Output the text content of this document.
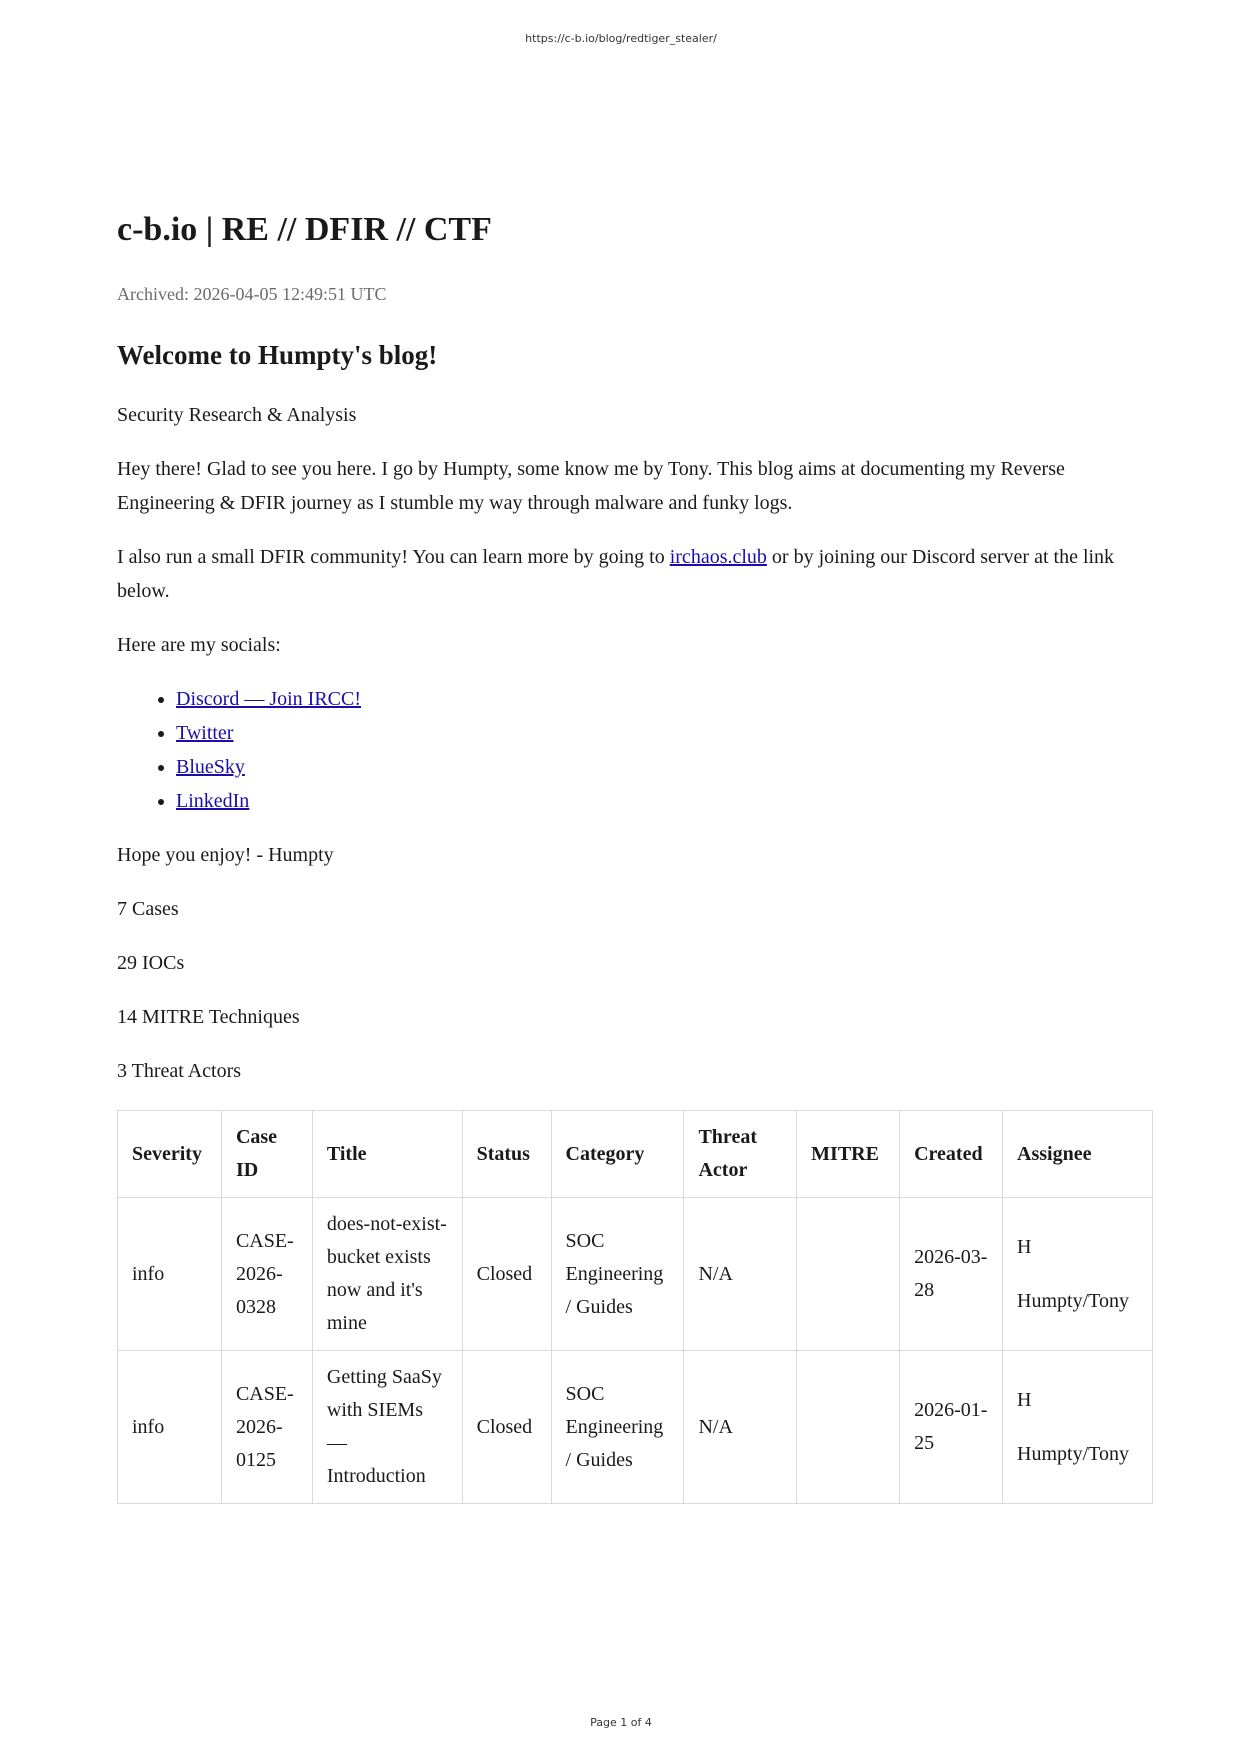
https://c-b.io/blog/redtiger_stealer/
c-b.io | RE // DFIR // CTF
Archived: 2026-04-05 12:49:51 UTC
Welcome to Humpty's blog!

Security Research & Analysis

Hey there! Glad to see you here. I go by Humpty, some know me by Tony. This blog aims at documenting my Reverse Engineering & DFIR journey as I stumble my way through malware and funky logs.

I also run a small DFIR community! You can learn more by going to irchaos.club or by joining our Discord server at the link below.

Here are my socials:

• Discord — Join IRCC!
• Twitter
• BlueSky
• LinkedIn

Hope you enjoy! - Humpty

7 Cases

29 IOCs

14 MITRE Techniques

3 Threat Actors

Severity	Case ID	Title	Status	Category	Threat Actor	MITRE	Created	Assignee
info	CASE-2026-0328	does-not-exist-bucket exists now and it's mine	Closed	SOC Engineering / Guides	N/A		2026-03-28	H
Humpty/Tony
info	CASE-2026-0125	Getting SaaSy with SIEMs — Introduction	Closed	SOC Engineering / Guides	N/A		2026-01-25	H
Humpty/Tony
Page 1 of 4
